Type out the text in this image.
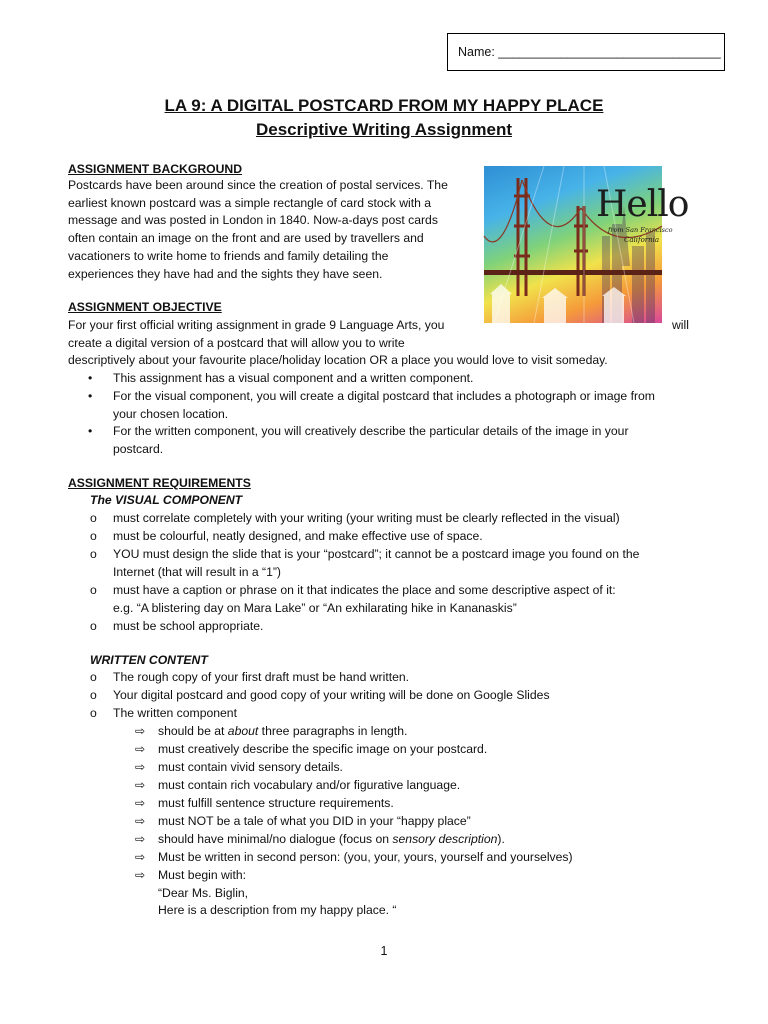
Name: ________________________________
LA 9: A DIGITAL POSTCARD FROM MY HAPPY PLACE
Descriptive Writing Assignment
ASSIGNMENT BACKGROUND
Postcards have been around since the creation of postal services. The
earliest known postcard was a simple rectangle of card stock with a
message and was posted in London in 1840. Now-a-days post cards
often contain an image on the front and are used by travellers and
vacationers to write home to friends and family detailing the
experiences they have had and the sights they have seen.
Hello
from San Francisco
California
ASSIGNMENT OBJECTIVE
For your first official writing assignment in grade 9 Language Arts, you	will
create a digital version of a postcard that will allow you to write
descriptively about your favourite place/holiday location OR a place you would love to visit someday.
• This assignment has a visual component and a written component.
• For the visual component, you will create a digital postcard that includes a photograph or image from
your chosen location.
• For the written component, you will creatively describe the particular details of the image in your
postcard.
ASSIGNMENT REQUIREMENTS
The VISUAL COMPONENT
o must correlate completely with your writing (your writing must be clearly reflected in the visual)
o must be colourful, neatly designed, and make effective use of space.
o YOU must design the slide that is your “postcard”; it cannot be a postcard image you found on the
Internet (that will result in a “1”)
o must have a caption or phrase on it that indicates the place and some descriptive aspect of it:
e.g. “A blistering day on Mara Lake” or “An exhilarating hike in Kananaskis”
o must be school appropriate.
WRITTEN CONTENT
o The rough copy of your first draft must be hand written.
o Your digital postcard and good copy of your writing will be done on Google Slides
o The written component
⇨ should be at about three paragraphs in length.
⇨ must creatively describe the specific image on your postcard.
⇨ must contain vivid sensory details.
⇨ must contain rich vocabulary and/or figurative language.
⇨ must fulfill sentence structure requirements.
⇨ must NOT be a tale of what you DID in your “happy place”
⇨ should have minimal/no dialogue (focus on sensory description).
⇨ Must be written in second person: (you, your, yours, yourself and yourselves)
⇨ Must begin with:
“Dear Ms. Biglin,
Here is a description from my happy place. “
1
